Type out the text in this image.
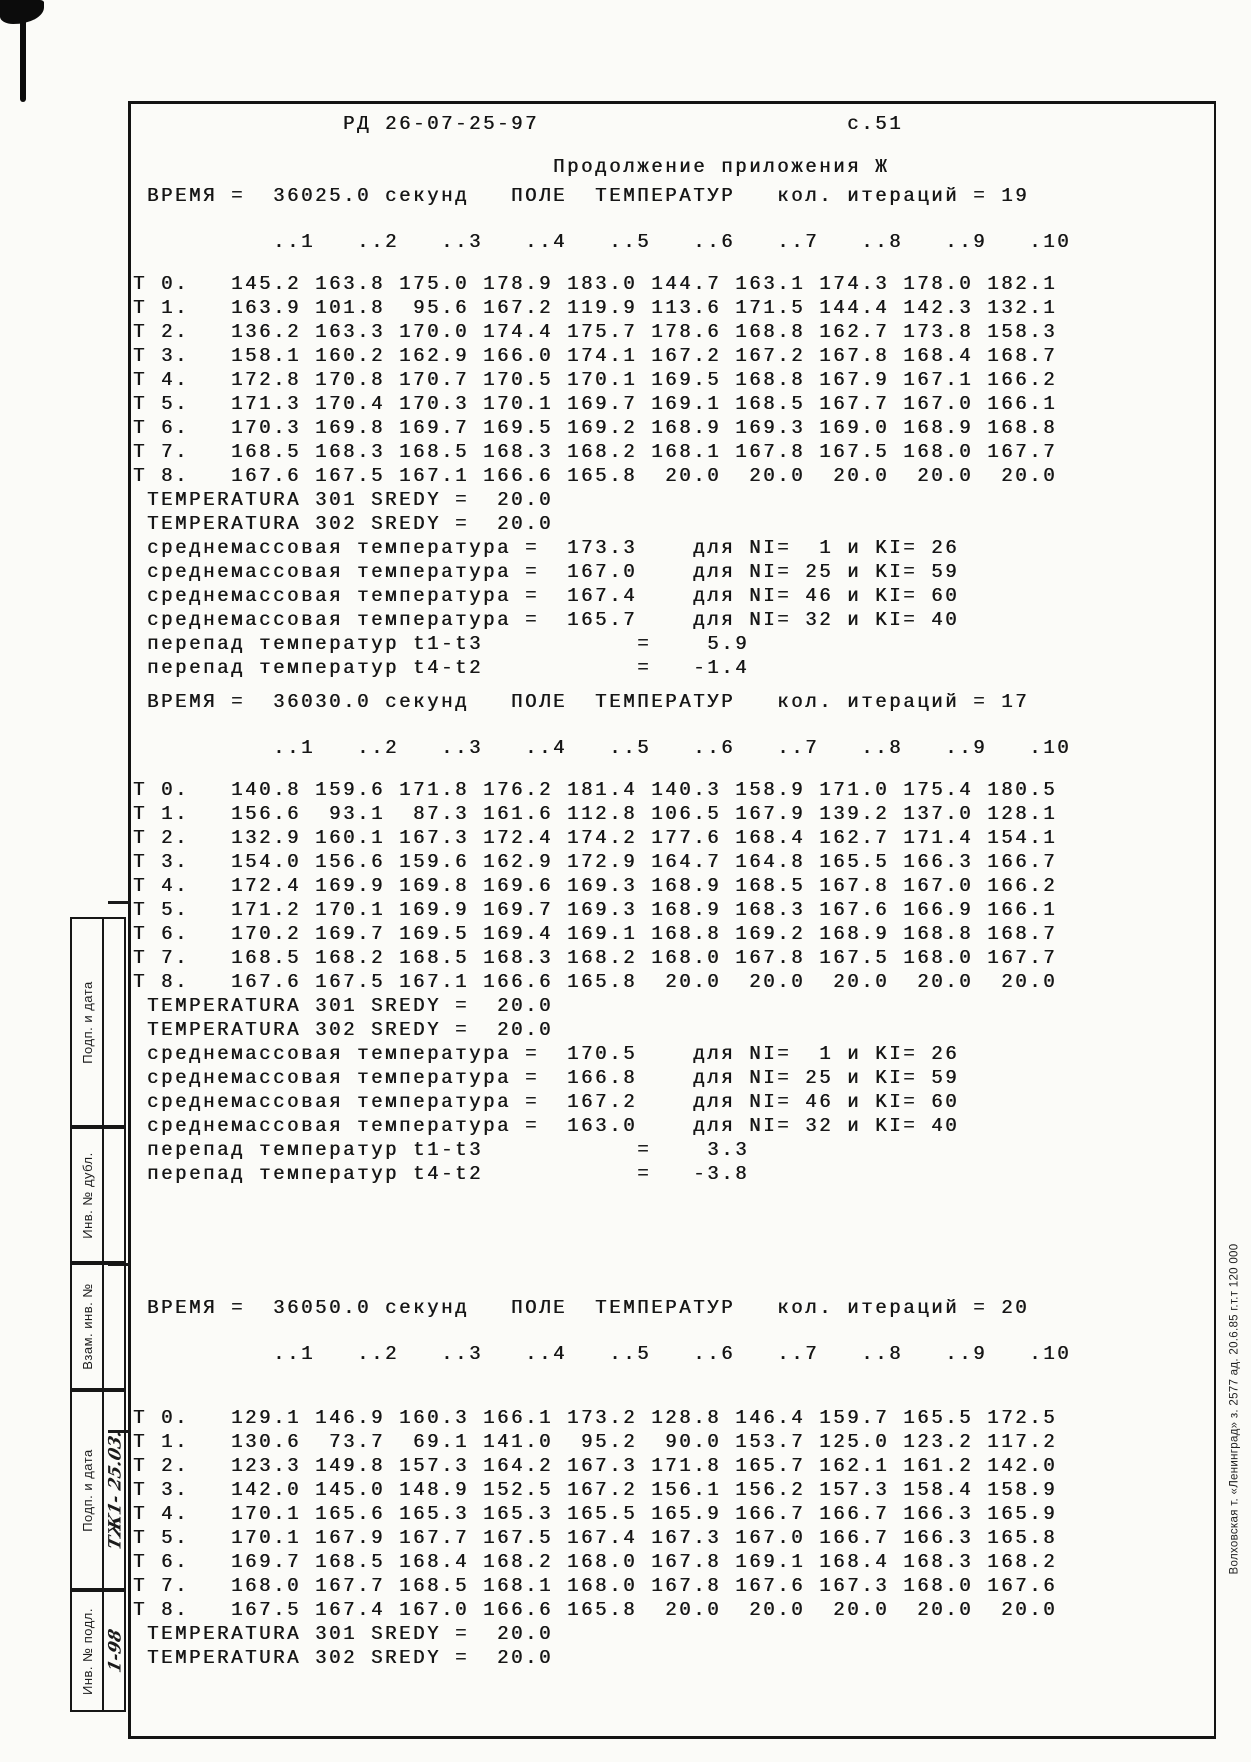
Подп. и дата
Инв. № дубл.
Взам. инв. №
Подп. и дата ТЖ1- 25.03.
Инв. № подл. 1-98
Волховская т. «Ленинград» з. 2577 ад. 20.6.85 г.т.т 120 000
РД 26-07-25-97                      с.51
Продолжение приложения Ж
ВРЕМЯ =  36025.0 секунд   ПОЛЕ  ТЕМПЕРАТУР   кол. итераций = 19
..1   ..2   ..3   ..4   ..5   ..6   ..7   ..8   ..9   .10
T 0.   145.2 163.8 175.0 178.9 183.0 144.7 163.1 174.3 178.0 182.1
T 1.   163.9 101.8  95.6 167.2 119.9 113.6 171.5 144.4 142.3 132.1
T 2.   136.2 163.3 170.0 174.4 175.7 178.6 168.8 162.7 173.8 158.3
T 3.   158.1 160.2 162.9 166.0 174.1 167.2 167.2 167.8 168.4 168.7
T 4.   172.8 170.8 170.7 170.5 170.1 169.5 168.8 167.9 167.1 166.2
T 5.   171.3 170.4 170.3 170.1 169.7 169.1 168.5 167.7 167.0 166.1
T 6.   170.3 169.8 169.7 169.5 169.2 168.9 169.3 169.0 168.9 168.8
T 7.   168.5 168.3 168.5 168.3 168.2 168.1 167.8 167.5 168.0 167.7
T 8.   167.6 167.5 167.1 166.6 165.8  20.0  20.0  20.0  20.0  20.0
TEMPERATURA 301 SREDY =  20.0
TEMPERATURA 302 SREDY =  20.0
среднемассовая температура =  173.3    для NI=  1 и KI= 26
среднемассовая температура =  167.0    для NI= 25 и KI= 59
среднемассовая температура =  167.4    для NI= 46 и KI= 60
среднемассовая температура =  165.7    для NI= 32 и KI= 40
перепад температур t1-t3           =    5.9
перепад температур t4-t2           =   -1.4
ВРЕМЯ =  36030.0 секунд   ПОЛЕ  ТЕМПЕРАТУР   кол. итераций = 17
..1   ..2   ..3   ..4   ..5   ..6   ..7   ..8   ..9   .10
T 0.   140.8 159.6 171.8 176.2 181.4 140.3 158.9 171.0 175.4 180.5
T 1.   156.6  93.1  87.3 161.6 112.8 106.5 167.9 139.2 137.0 128.1
T 2.   132.9 160.1 167.3 172.4 174.2 177.6 168.4 162.7 171.4 154.1
T 3.   154.0 156.6 159.6 162.9 172.9 164.7 164.8 165.5 166.3 166.7
T 4.   172.4 169.9 169.8 169.6 169.3 168.9 168.5 167.8 167.0 166.2
T 5.   171.2 170.1 169.9 169.7 169.3 168.9 168.3 167.6 166.9 166.1
T 6.   170.2 169.7 169.5 169.4 169.1 168.8 169.2 168.9 168.8 168.7
T 7.   168.5 168.2 168.5 168.3 168.2 168.0 167.8 167.5 168.0 167.7
T 8.   167.6 167.5 167.1 166.6 165.8  20.0  20.0  20.0  20.0  20.0
TEMPERATURA 301 SREDY =  20.0
TEMPERATURA 302 SREDY =  20.0
среднемассовая температура =  170.5    для NI=  1 и KI= 26
среднемассовая температура =  166.8    для NI= 25 и KI= 59
среднемассовая температура =  167.2    для NI= 46 и KI= 60
среднемассовая температура =  163.0    для NI= 32 и KI= 40
перепад температур t1-t3           =    3.3
перепад температур t4-t2           =   -3.8
ВРЕМЯ =  36050.0 секунд   ПОЛЕ  ТЕМПЕРАТУР   кол. итераций = 20
..1   ..2   ..3   ..4   ..5   ..6   ..7   ..8   ..9   .10
T 0.   129.1 146.9 160.3 166.1 173.2 128.8 146.4 159.7 165.5 172.5
T 1.   130.6  73.7  69.1 141.0  95.2  90.0 153.7 125.0 123.2 117.2
T 2.   123.3 149.8 157.3 164.2 167.3 171.8 165.7 162.1 161.2 142.0
T 3.   142.0 145.0 148.9 152.5 167.2 156.1 156.2 157.3 158.4 158.9
T 4.   170.1 165.6 165.3 165.3 165.5 165.9 166.7 166.7 166.3 165.9
T 5.   170.1 167.9 167.7 167.5 167.4 167.3 167.0 166.7 166.3 165.8
T 6.   169.7 168.5 168.4 168.2 168.0 167.8 169.1 168.4 168.3 168.2
T 7.   168.0 167.7 168.5 168.1 168.0 167.8 167.6 167.3 168.0 167.6
T 8.   167.5 167.4 167.0 166.6 165.8  20.0  20.0  20.0  20.0  20.0
TEMPERATURA 301 SREDY =  20.0
TEMPERATURA 302 SREDY =  20.0
